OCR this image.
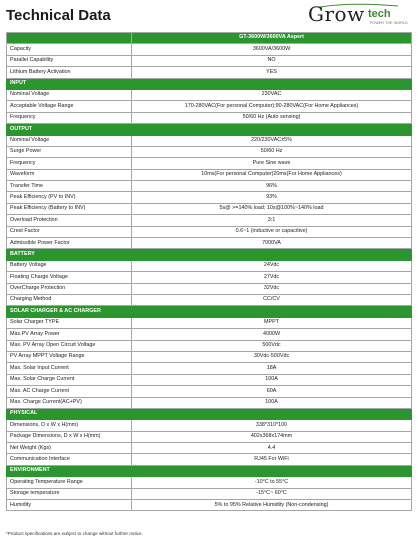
Technical Data	Grow tech
POWER THE WORLD
	GT-3600W/3600VA Aspert
Capacity	3600VA/3600W
Parallel Capability	NO
Lithium Battery Activation	YES
INPUT	
Nominal Voltage	230VAC
Acceptable Voltage Range	170-280VAC(For personal Computer);90-280VAC(For Home Appliances)
Frequency	50/60 Hz (Auto sensing)
OUTPUT	
Nominal Voltage	220/230VAC±5%
Surge Power	50/60 Hz
Frequency	Pure Sine wave
Waveform	10ms(For personal Computer)20ms(For Home Appliances)
Transfer Time	96%
Peak Efficiency (PV to INV)	93%
Peak Efficiency (Battery to INV)	5s@ >=140% load; 10s@100%~140% load
Overload Protection	3:1
Crest Factor	0.6~1 (inductive or capacitive)
Admissible Power Factor	7000VA
BATTERY	
Battery Voltage	24Vdc
Floating Charge Voltage	27Vdc
OverCharge Protection	32Vdc
Charging Method	CC/CV
SOLAR CHARGER & AC CHARGER	
Solar Charger TYPE	MPPT
Max.PV Array Power	4000W
Max. PV Array Open Circuit Voltage	500Vdc
PV Array MPPT Voltage Range	30Vdc-500Vdc
Max. Solar Input Current	18A
Max. Solar Charge Current	100A
Max. AC Charge Current	60A
Max. Charge Current(AC+PV)	100A
PHYSICAL	
Dimensions, D x W x H(mm)	338*310*100
Package Dimensions, D x W x H(mm)	402x368x174mm
Net Weight (Kgs)	4.4
Communication Interface	RJ45 For WiFi
ENVIRONMENT	
Operating Temperature Range	-10°C to 55°C
Storage temperature	-15°C~ 60°C
Humidity	5% to 95% Relative Humidity (Non-condensing)
*Product specifications are subject to change without further notice.
